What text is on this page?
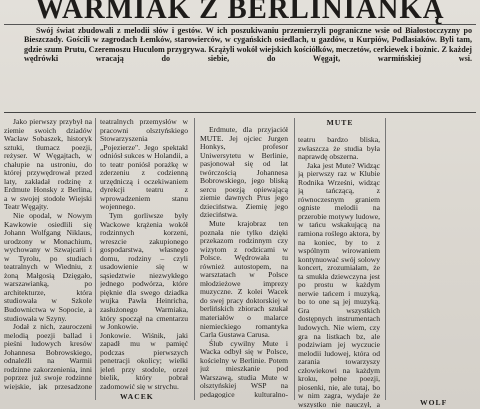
WARMIAK Z BERLINIANKĄ

Swój świat zbudowali z melodii słów i gestów. W ich poszukiwaniu przemierzyli pograniczne wsie od Białostocczyzny po Bieszczady. Gościli w zagrodach Łemków, starowierców, w cygańskich osiedlach, u gazdów, u Kurpiów, Podlasiaków. Byli tam, gdzie szum Prutu, Czeremoszu Huculom przygrywa. Krążyli wokół wiejskich kościółków, meczetów, cerkiewek i bożnic. Z każdej wędrówki wracają do siebie, do Węgajt, warmińskiej wsi.

Jako pierwszy przybył na ziemie swoich dziadów Wacław Sobaszek, historyk sztuki, tłumacz poezji, reżyser. W Węgajtach, w chałupie na ustroniu, do której przywędrował przed laty, zakładał rodzinę z Erdmute Honsky z Berlina, a w swojej stodole Wiejski Teatr Węgajty.

Nie opodal, w Nowym Kawkowie osiedlili się Johann Wolfgang Niklaus, urodzony w Monachium, wychowany w Szwajcarii i w Tyrolu, po studiach teatralnych w Wiedniu, z żoną Małgosią Dzięgało, warszawianką, po architekturze, która studiowała w Szkole Budownictwa w Sopocie, a studiowała w Szyny.

Jodał z nich, zauroczeni melodią poezji ballad i pieśni ludowych kresów Johannesa Bobrowskiego, odnaleźli na Warmii rodzinne zakorzenienia, inni poprzez już swoje rodzinne wiejskie, jak przesadzone

teatralnych przemysłów w pracowni olsztyńskiego Stowarzyszenia „Pojezierze". Jego spektakl odniósł sukces w Holandii, a to teatr poniósł porażkę w zderzeniu z codzienną urzędniczą i oczekiwaniem dyrekcji teatru z wprowadzeniem stanu wojennego.

Tym gorliwsze były Wackowe krążenia wokół rodzinnych korzeni, wreszcie zakupionego gospodarstwa, własnego domu, rodziny – czyli usadowienie się w sąsiedztwie niezwykłego jednego podwórza, które pięknie dla swego dziadka wujka Pawła Heinricha, zasłużonego Warmiaka, który spoczął na cmentarzu w Jonkowie.

Jonkowie. Wiśnik, jaki zapadł mu w pamięć podczas pierwszych penetracji okolicy; wielki jeleń przy stodole, orzeł bielik, który pobrał zadomowić się w strychu.

Erdmute, dla przyjaciół MUTE. Jej ojciec Jurgen Honkys, profesor Uniwersytetu w Berlinie, pasjonował się od lat twórczością Johannesa Bobrowskiego, jego bliską sercu poezją opiewającą ziemie dawnych Prus jego dzieciństwa. Ziemię jego dzieciństwa.

Mute krajobraz ten poznała nie tylko dzięki przekazom rodzinnym czy wizytom z rodzicami w Polsce. Wędrowała tu również autostopem, na warsztatach w Polsce młodzieżowe imprezy muzyczne. Z kolei Wacek do swej pracy doktorskiej w berlińskich zbiorach szukał materiałów o malarce niemieckiego romantyka Carla Gustawa Carusa.

Ślub cywilny Mute i Wacka odbył się w Polsce, kościelny w Berlinie. Potem już mieszkanie pod Warszawą, studia Mute w olsztyńskiej WSP na pedagogice kulturalno-

MUTE

teatru bardzo bliska, zwłaszcza że studia była naprawdę obszerna.

Jaka jest Mute? Widząc ją pierwszy raz w Klubie Rodnika Wrześni, widząc ją tańczącą, z równoczesnym graniem ogniste melodii na przerobie motywy ludowe, w tańcu wskakującą na ramiona roślego aktora, by na koniec, by to z wspólnym wirowaniem kontynuować swój solowy koncert, zrozumiałam, że ta smukła dziewczyna jest po prostu w każdym nerwie tańcem i muzyką, bo to one są jej muzyką. Gra wszystkich dostępnych instrumentach ludowych. Nie wiem, czy gra na listkach bz, ale podziwiam jej wyczucie melodii ludowej, która od zarania towarzyszy człowiekowi na każdym kroku, pełne poezji, piosenki, nie, ale tutaj, bo w nim zagra, wydaje że wszystko nie nauczył, a

WACEK
WOLF
